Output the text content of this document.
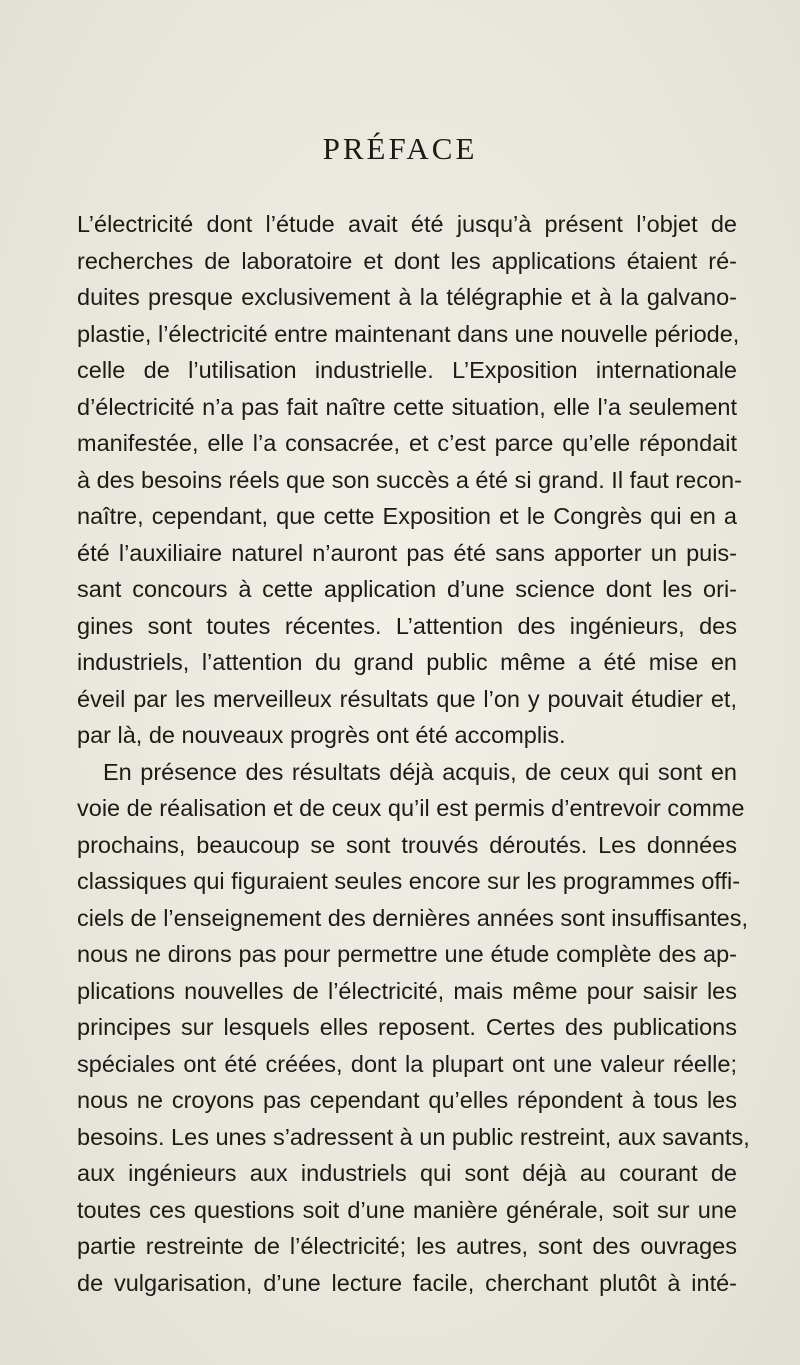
PRÉFACE
L’électricité dont l’étude avait été jusqu’à présent l’objet de
recherches de laboratoire et dont les applications étaient ré-
duites presque exclusivement à la télégraphie et à la galvano-
plastie, l’électricité entre maintenant dans une nouvelle période,
celle de l’utilisation industrielle. L’Exposition internationale
d’électricité n’a pas fait naître cette situation, elle l’a seulement
manifestée, elle l’a consacrée, et c’est parce qu’elle répondait
à des besoins réels que son succès a été si grand. Il faut recon-
naître, cependant, que cette Exposition et le Congrès qui en a
été l’auxiliaire naturel n’auront pas été sans apporter un puis-
sant concours à cette application d’une science dont les ori-
gines sont toutes récentes. L’attention des ingénieurs, des
industriels, l’attention du grand public même a été mise en
éveil par les merveilleux résultats que l’on y pouvait étudier et,
par là, de nouveaux progrès ont été accomplis.
En présence des résultats déjà acquis, de ceux qui sont en
voie de réalisation et de ceux qu’il est permis d’entrevoir comme
prochains, beaucoup se sont trouvés déroutés. Les données
classiques qui figuraient seules encore sur les programmes offi-
ciels de l’enseignement des dernières années sont insuffisantes,
nous ne dirons pas pour permettre une étude complète des ap-
plications nouvelles de l’électricité, mais même pour saisir les
principes sur lesquels elles reposent. Certes des publications
spéciales ont été créées, dont la plupart ont une valeur réelle;
nous ne croyons pas cependant qu’elles répondent à tous les
besoins. Les unes s’adressent à un public restreint, aux savants,
aux ingénieurs aux industriels qui sont déjà au courant de
toutes ces questions soit d’une manière générale, soit sur une
partie restreinte de l’électricité; les autres, sont des ouvrages
de vulgarisation, d’une lecture facile, cherchant plutôt à inté-
